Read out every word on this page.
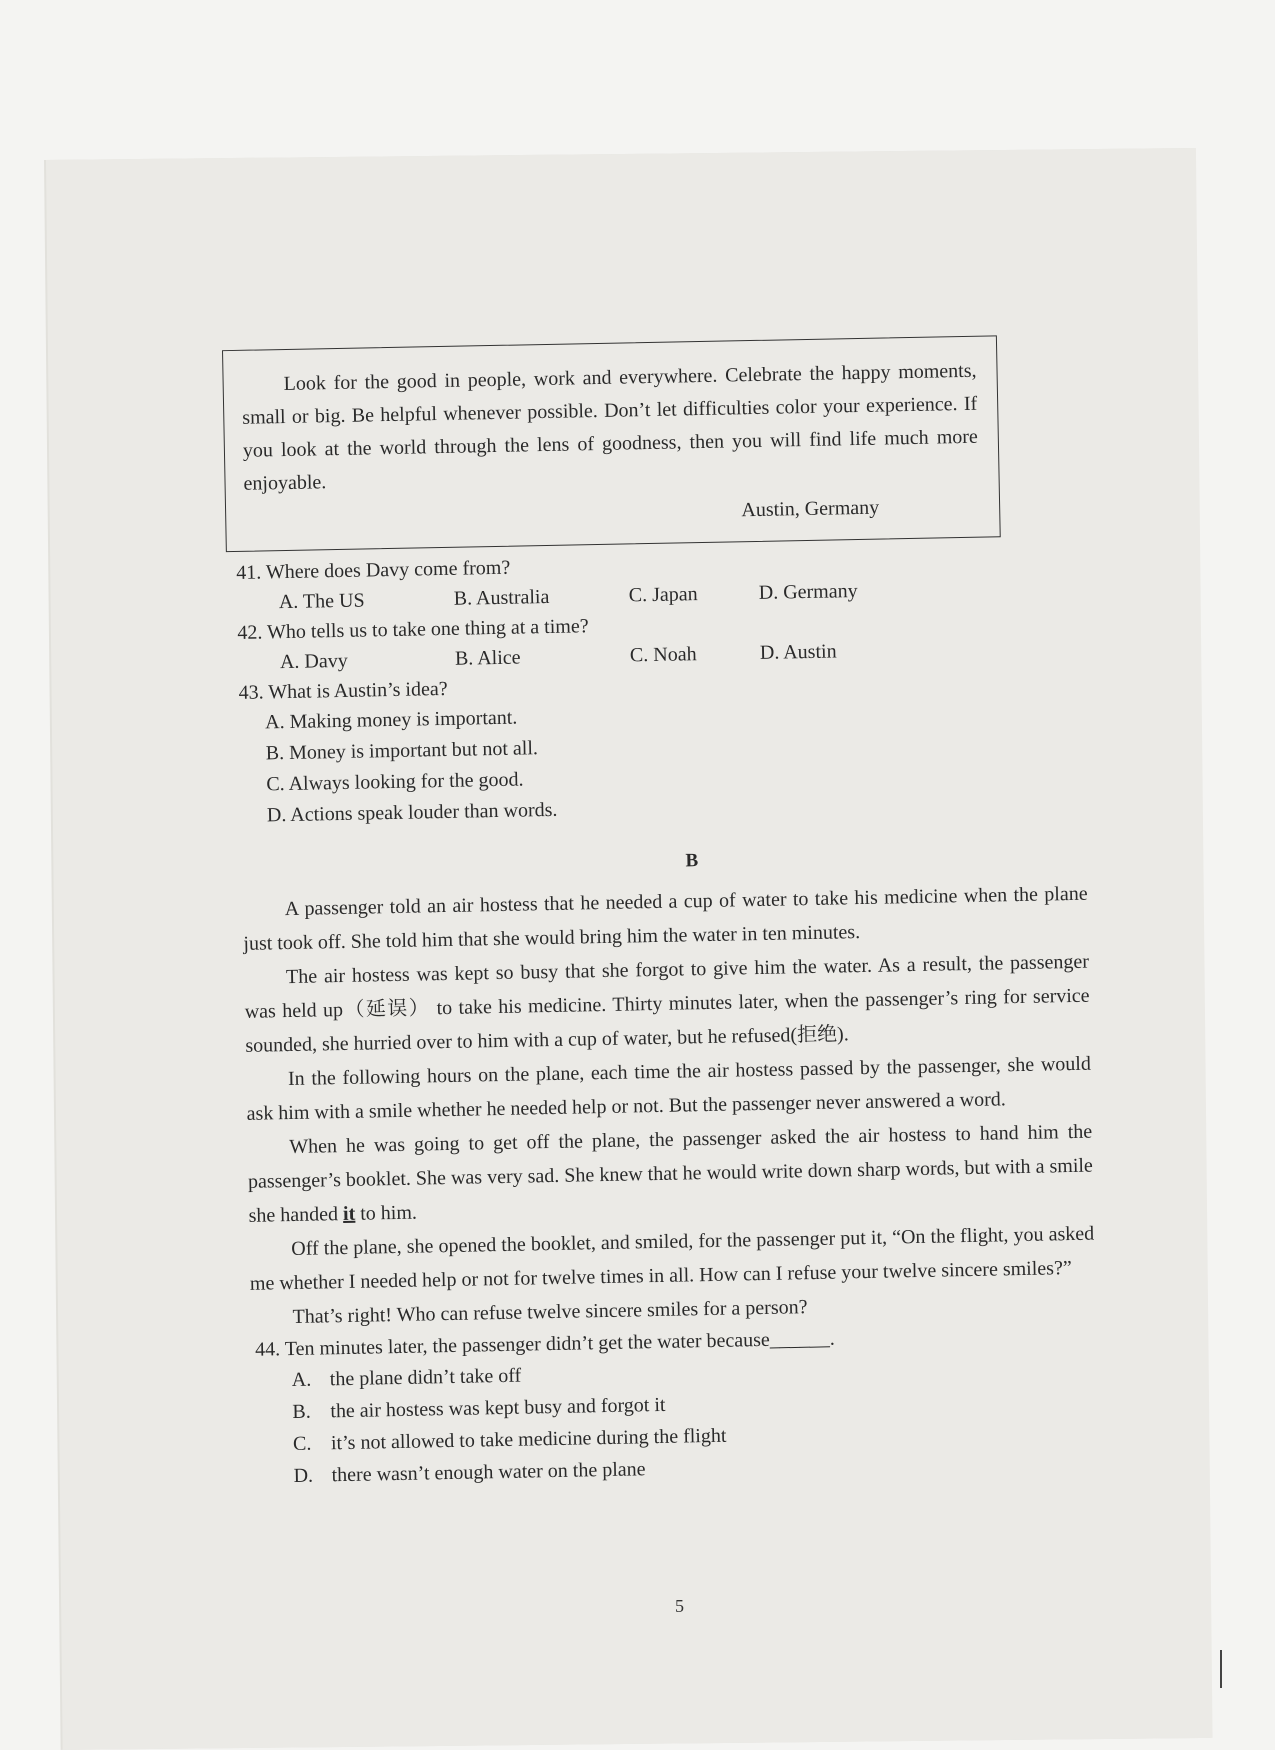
Look for the good in people, work and everywhere. Celebrate the happy moments, small or big. Be helpful whenever possible. Don’t let difficulties color your experience. If you look at the world through the lens of goodness, then you will find life much more enjoyable.

Austin, Germany

41. Where does Davy come from?

A. The US	B. Australia	C. Japan	D. Germany

42. Who tells us to take one thing at a time?

A. Davy	B. Alice	C. Noah	D. Austin

43. What is Austin’s idea?

A. Making money is important.
B. Money is important but not all.
C. Always looking for the good.
D. Actions speak louder than words.
B

A passenger told an air hostess that he needed a cup of water to take his medicine when the plane just took off. She told him that she would bring him the water in ten minutes.

The air hostess was kept so busy that she forgot to give him the water. As a result, the passenger was held up（延误） to take his medicine. Thirty minutes later, when the passenger’s ring for service sounded, she hurried over to him with a cup of water, but he refused(拒绝).

In the following hours on the plane, each time the air hostess passed by the passenger, she would ask him with a smile whether he needed help or not. But the passenger never answered a word.

When he was going to get off the plane, the passenger asked the air hostess to hand him the passenger’s booklet. She was very sad. She knew that he would write down sharp words, but with a smile she handed it to him.

Off the plane, she opened the booklet, and smiled, for the passenger put it, “On the flight, you asked me whether I needed help or not for twelve times in all. How can I refuse your twelve sincere smiles?”

That’s right! Who can refuse twelve sincere smiles for a person?

44. Ten minutes later, the passenger didn’t get the water because______.

A. the plane didn’t take off
B. the air hostess was kept busy and forgot it
C. it’s not allowed to take medicine during the flight
D. there wasn’t enough water on the plane
5
